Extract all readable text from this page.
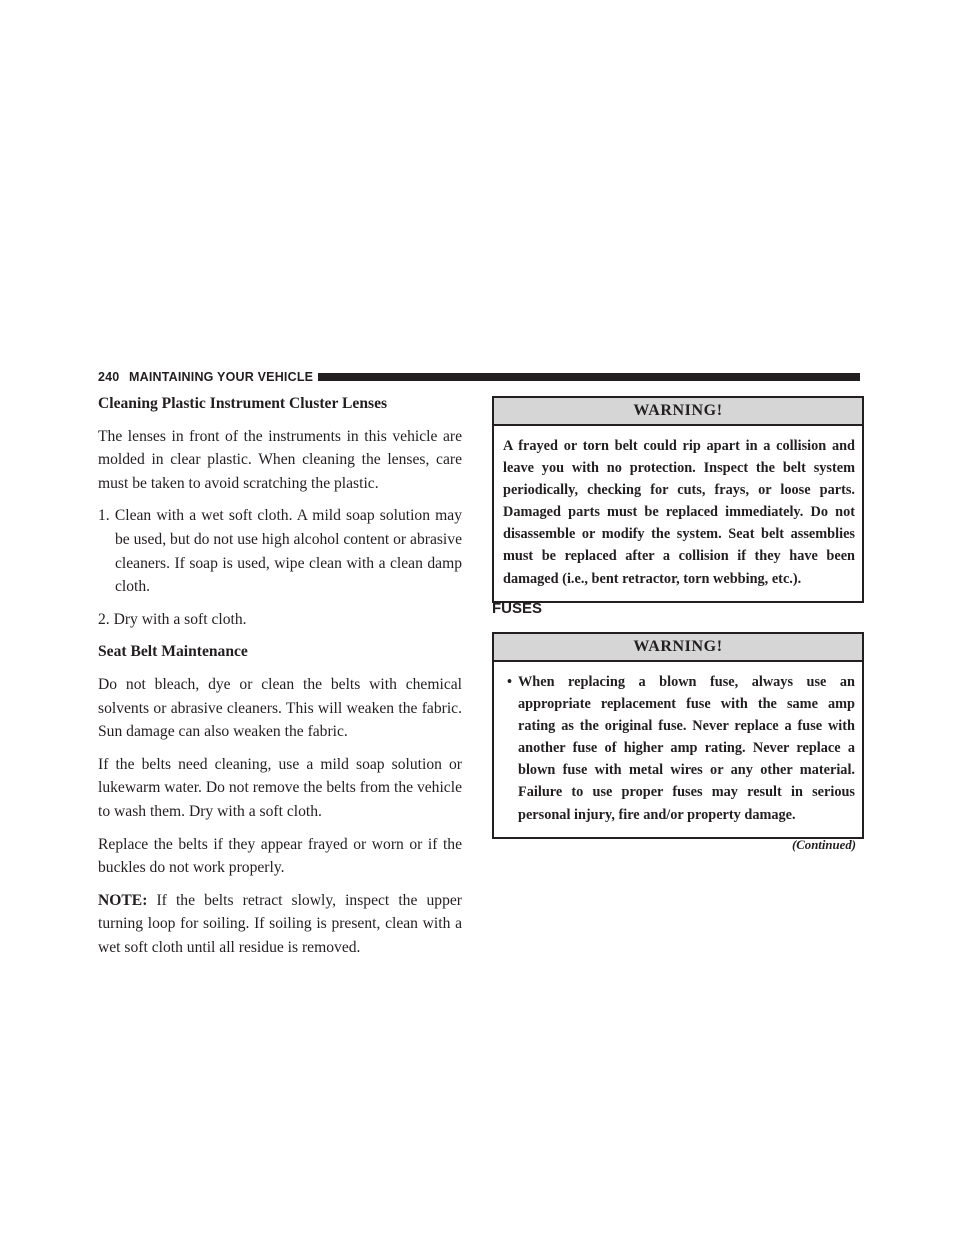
240 MAINTAINING YOUR VEHICLE

Cleaning Plastic Instrument Cluster Lenses

The lenses in front of the instruments in this vehicle are molded in clear plastic. When cleaning the lenses, care must be taken to avoid scratching the plastic.

1. Clean with a wet soft cloth. A mild soap solution may be used, but do not use high alcohol content or abrasive cleaners. If soap is used, wipe clean with a clean damp cloth.
2. Dry with a soft cloth.

Seat Belt Maintenance

Do not bleach, dye or clean the belts with chemical solvents or abrasive cleaners. This will weaken the fabric. Sun damage can also weaken the fabric.

If the belts need cleaning, use a mild soap solution or lukewarm water. Do not remove the belts from the vehicle to wash them. Dry with a soft cloth.

Replace the belts if they appear frayed or worn or if the buckles do not work properly.

NOTE: If the belts retract slowly, inspect the upper turning loop for soiling. If soiling is present, clean with a wet soft cloth until all residue is removed.

WARNING!
A frayed or torn belt could rip apart in a collision and leave you with no protection. Inspect the belt system periodically, checking for cuts, frays, or loose parts. Damaged parts must be replaced immediately. Do not disassemble or modify the system. Seat belt assemblies must be replaced after a collision if they have been damaged (i.e., bent retractor, torn webbing, etc.).
FUSES
WARNING!
• When replacing a blown fuse, always use an appropriate replacement fuse with the same amp rating as the original fuse. Never replace a fuse with another fuse of higher amp rating. Never replace a blown fuse with metal wires or any other material. Failure to use proper fuses may result in serious personal injury, fire and/or property damage.
(Continued)
